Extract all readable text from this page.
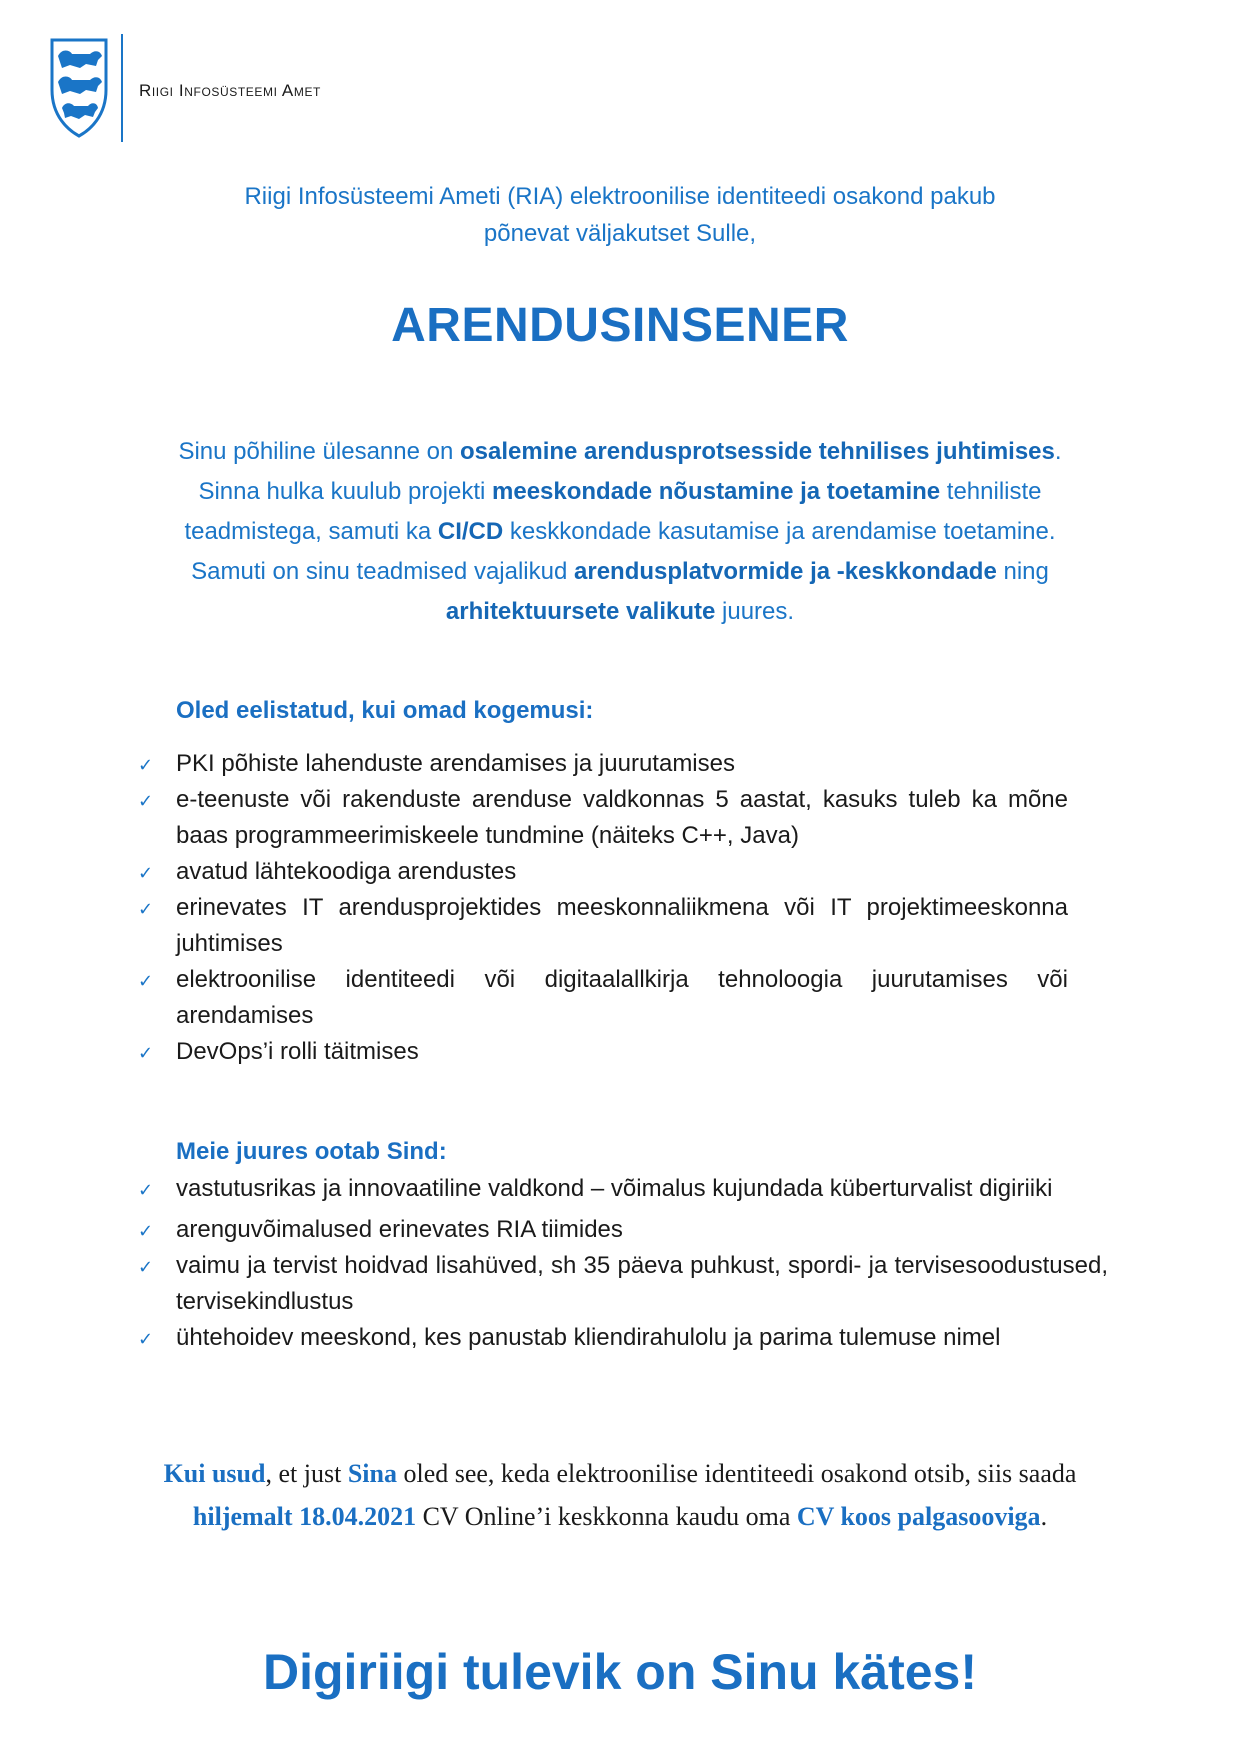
Riigi Infosüsteemi Amet
Riigi Infosüsteemi Ameti (RIA) elektroonilise identiteedi osakond pakub
põnevat väljakutset Sulle,
ARENDUSINSENER
Sinu põhiline ülesanne on osalemine arendusprotsesside tehnilises juhtimises. Sinna hulka kuulub projekti meeskondade nõustamine ja toetamine tehniliste teadmistega, samuti ka CI/CD keskkondade kasutamise ja arendamise toetamine. Samuti on sinu teadmised vajalikud arendusplatvormide ja -keskkondade ning arhitektuursete valikute juures.
Oled eelistatud, kui omad kogemusi:
✓ PKI põhiste lahenduste arendamises ja juurutamises
✓ e-teenuste või rakenduste arenduse valdkonnas 5 aastat, kasuks tuleb ka mõne baas programmeerimiskeele tundmine (näiteks C++, Java)
✓ avatud lähtekoodiga arendustes
✓ erinevates IT arendusprojektides meeskonnaliikmena või IT projektimeeskonna juhtimises
✓ elektroonilise identiteedi või digitaalallkirja tehnoloogia juurutamises või arendamises
✓ DevOps’i rolli täitmises
Meie juures ootab Sind:
✓ vastutusrikas ja innovaatiline valdkond – võimalus kujundada küberturvalist digiriiki
✓ arenguvõimalused erinevates RIA tiimides
✓ vaimu ja tervist hoidvad lisahüved, sh 35 päeva puhkust, spordi- ja tervisesoodustused, tervisekindlustus
✓ ühtehoidev meeskond, kes panustab kliendirahulolu ja parima tulemuse nimel
Kui usud, et just Sina oled see, keda elektroonilise identiteedi osakond otsib, siis saada hiljemalt 18.04.2021 CV Online’i keskkonna kaudu oma CV koos palgasooviga.
Digiriigi tulevik on Sinu kätes!
